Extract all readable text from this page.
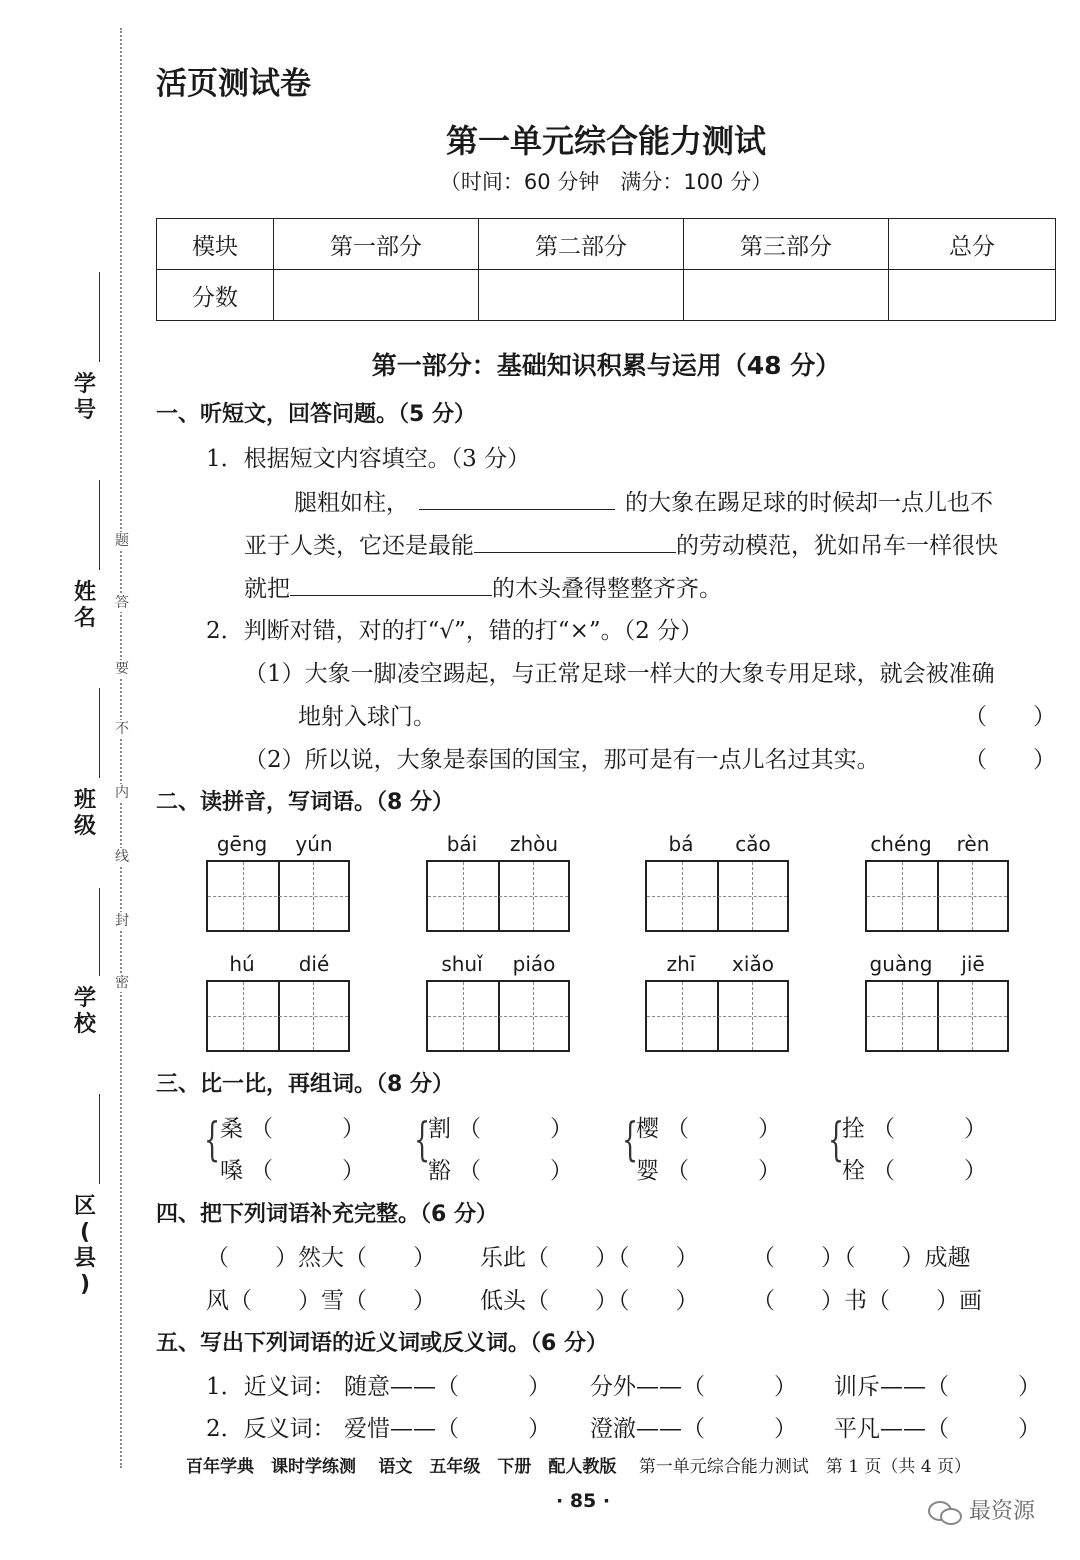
学
号
姓
名
班
级
学
校
区
(
县
)
题
答
要
不
内
线
封
密
活页测试卷
第一单元综合能力测试
（时间：60 分钟　满分：100 分）
模块	第一部分	第二部分	第三部分	总分
分数				
第一部分：基础知识积累与运用（48 分）
一、听短文，回答问题。（5 分）
1．根据短文内容填空。（3 分）
腿粗如柱，	的大象在踢足球的时候却一点儿也不
亚于人类，它还是最能	的劳动模范，犹如吊车一样很快
就把	的木头叠得整整齐齐。
2．判断对错，对的打“√”，错的打“×”。（2 分）
（1）大象一脚凌空踢起，与正常足球一样大的大象专用足球，就会被准确
地射入球门。	（　　）
（2）所以说，大象是泰国的国宝，那可是有一点儿名过其实。	（　　）
二、读拼音，写词语。（8 分）
gēng	yún	bái	zhòu	bá	cǎo	chéng	rèn
hú	dié	shuǐ	piáo	zhī	xiǎo	guàng	jiē
三、比一比，再组词。（8 分）
{ 桑 （　　　）
嗓 （　　　）
{
割 （　　　）
豁 （　　　）
{
樱 （　　　）
婴 （　　　）
{
拴 （　　　）
栓 （　　　）
四、把下列词语补充完整。（6 分）
（　　）然大（　　） 乐此（　　）（　　） （　　）（　　）成趣
风（　　）雪（　　） 低头（　　）（　　） （　　）书（　　）画
五、写出下列词语的近义词或反义词。（6 分）
1．近义词： 随意——（　　　） 分外——（　　　） 训斥——（　　　）
2．反义词： 爱惜——（　　　） 澄澈——（　　　） 平凡——（　　　）
百年学典　课时学练测　 语文　五年级　下册　配人教版　 第一单元综合能力测试　第 1 页（共 4 页）
· 85 ·	最资源
